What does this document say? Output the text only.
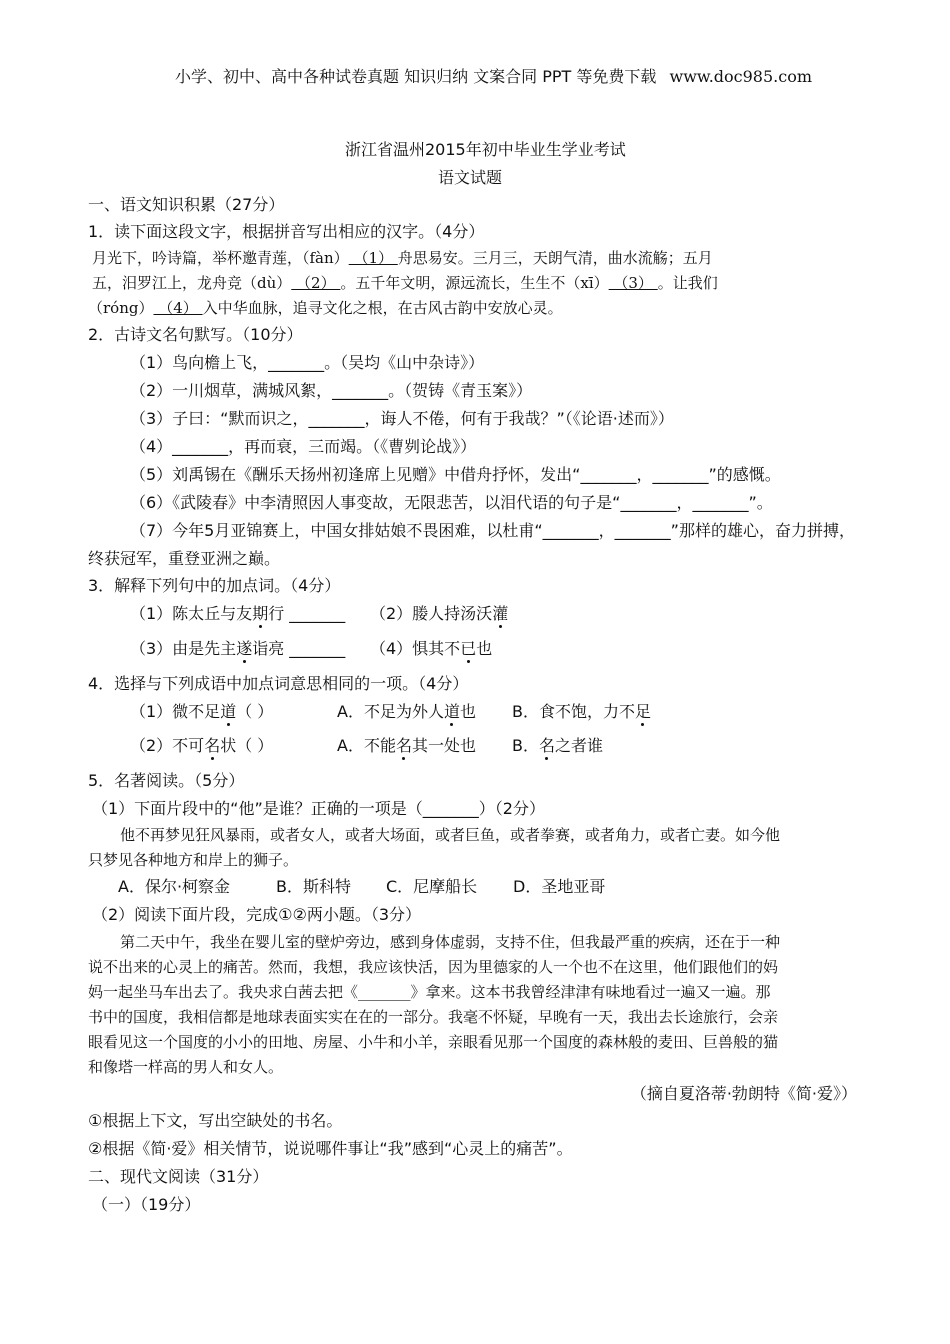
小学、初中、高中各种试卷真题 知识归纳 文案合同 PPT 等免费下载 www.doc985.com
浙江省温州2015年初中毕业生学业考试
语文试题
一、语文知识积累（27分）
1．读下面这段文字，根据拼音写出相应的汉字。（4分）
月光下，吟诗篇，举杯邀青莲，（fàn） （1） 舟思易安。三月三，天朗气清，曲水流觞；五月
五，汨罗江上，龙舟竞（dù） （2） 。五千年文明，源远流长，生生不（xī） （3） 。让我们
（róng） （4） 入中华血脉，追寻文化之根，在古风古韵中安放心灵。
2．古诗文名句默写。（10分）
（1）鸟向檐上飞，_______。（吴均《山中杂诗》）
（2）一川烟草，满城风絮，_______。（贺铸《青玉案》）
（3）子曰：“默而识之，_______，诲人不倦，何有于我哉？”（《论语·述而》）
（4）_______，再而衰，三而竭。（《曹刿论战》）
（5）刘禹锡在《酬乐天扬州初逢席上见赠》中借舟抒怀，发出“_______，_______”的感慨。
（6）《武陵春》中李清照因人事变故，无限悲苦，以泪代语的句子是“_______，_______”。
（7）今年5月亚锦赛上，中国女排姑娘不畏困难，以杜甫“_______，_______”那样的雄心，奋力拼搏，
终获冠军，重登亚洲之巅。
3．解释下列句中的加点词。（4分）
（1）陈太丘与友期行 _______ （2）媵人持汤沃灌
（3）由是先主遂诣亮 _______ （4）惧其不已也
4．选择与下列成语中加点词意思相同的一项。（4分）
（1）微不足道（ ）	A．不足为外人道也 B．食不饱，力不足
（2）不可名状（ ）	A．不能名其一处也 B．名之者谁
5．名著阅读。（5分）
（1）下面片段中的“他”是谁？正确的一项是（_______）（2分）
他不再梦见狂风暴雨，或者女人，或者大场面，或者巨鱼，或者拳赛，或者角力，或者亡妻。如今他
只梦见各种地方和岸上的狮子。
A．保尔·柯察金	B．斯科特 C．尼摩船长 D．圣地亚哥
（2）阅读下面片段，完成①②两小题。（3分）
第二天中午，我坐在婴儿室的壁炉旁边，感到身体虚弱，支持不住，但我最严重的疾病，还在于一种
说不出来的心灵上的痛苦。然而，我想，我应该快活，因为里德家的人一个也不在这里，他们跟他们的妈
妈一起坐马车出去了。我央求白茜去把《_______》拿来。这本书我曾经津津有味地看过一遍又一遍。那
书中的国度，我相信都是地球表面实实在在的一部分。我毫不怀疑，早晚有一天，我出去长途旅行，会亲
眼看见这一个国度的小小的田地、房屋、小牛和小羊，亲眼看见那一个国度的森林般的麦田、巨兽般的猫
和像塔一样高的男人和女人。
（摘自夏洛蒂·勃朗特《简·爱》）
①根据上下文，写出空缺处的书名。
②根据《简·爱》相关情节，说说哪件事让“我”感到“心灵上的痛苦”。
二、现代文阅读（31分）
（一）（19分）
